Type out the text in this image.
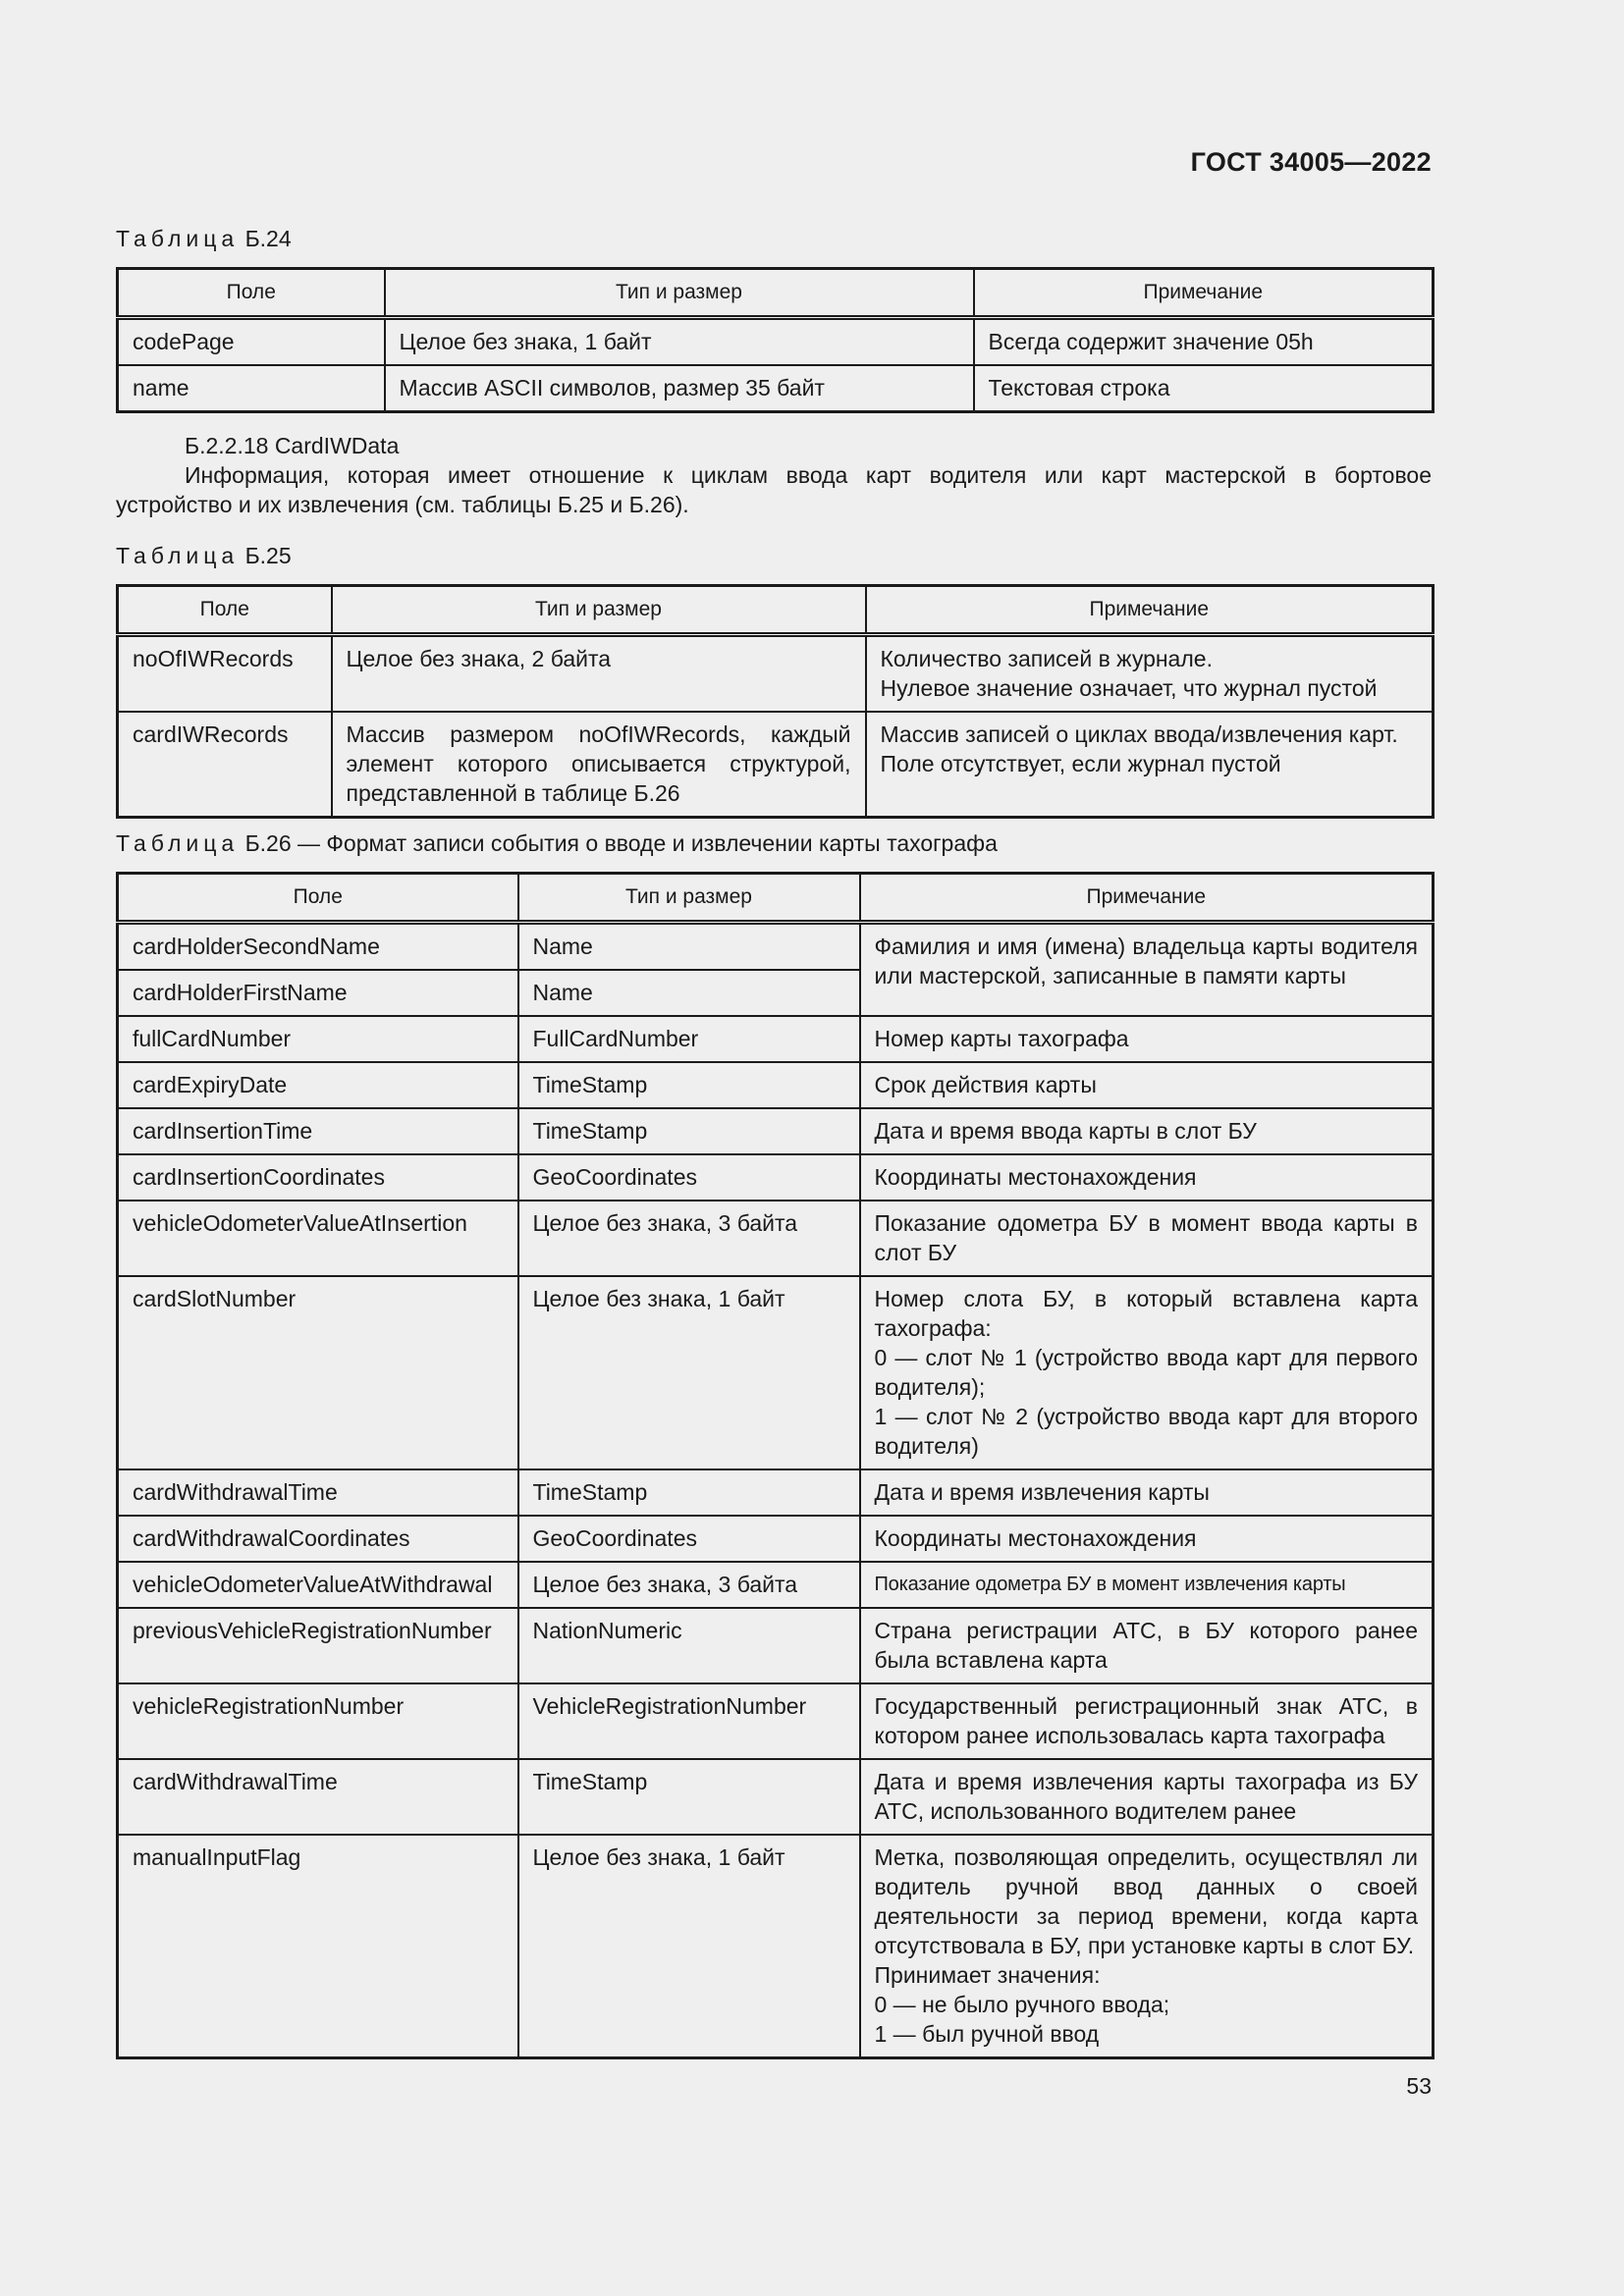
ГОСТ 34005—2022
Таблица Б.24
Поле	Тип и размер	Примечание
codePage	Целое без знака, 1 байт	Всегда содержит значение 05h
name	Массив ASCII символов, размер 35 байт	Текстовая строка
Б.2.2.18 CardIWData
Информация, которая имеет отношение к циклам ввода карт водителя или карт мастерской в бортовое
устройство и их извлечения (см. таблицы Б.25 и Б.26).
Таблица Б.25
Поле	Тип и размер	Примечание
noOfIWRecords	Целое без знака, 2 байта	Количество записей в журнале.
Нулевое значение означает, что журнал пустой

cardIWRecords	Массив размером noOfIWRecords, каждый элемент которого описывается структурой, представленной в таблице Б.26	Массив записей о циклах ввода/извлечения карт.
Поле отсутствует, если журнал пустой
Таблица Б.26 — Формат записи события о вводе и извлечении карты тахографа
Поле	Тип и размер	Примечание
cardHolderSecondName	Name	Фамилия и имя (имена) владельца карты водителя или мастерской, записанные в памяти карты
cardHolderFirstName	Name	
fullCardNumber	FullCardNumber	Номер карты тахографа
cardExpiryDate	TimeStamp	Срок действия карты
cardInsertionTime	TimeStamp	Дата и время ввода карты в слот БУ
cardInsertionCoordinates	GeoCoordinates	Координаты местонахождения
vehicleOdometerValueAtInsertion	Целое без знака, 3 байта	Показание одометра БУ в момент ввода карты в слот БУ
cardSlotNumber	Целое без знака, 1 байт	Номер слота БУ, в который вставлена карта тахографа:
0 — слот № 1 (устройство ввода карт для первого водителя);
1 — слот № 2 (устройство ввода карт для второго водителя)

cardWithdrawalTime	TimeStamp	Дата и время извлечения карты
cardWithdrawalCoordinates	GeoCoordinates	Координаты местонахождения
vehicleOdometerValueAtWithdrawal	Целое без знака, 3 байта	Показание одометра БУ в момент извлечения карты
previousVehicleRegistrationNumber	NationNumeric	Страна регистрации АТС, в БУ которого ранее была вставлена карта
vehicleRegistrationNumber	VehicleRegistrationNumber	Государственный регистрационный знак АТС, в котором ранее использовалась карта тахографа
cardWithdrawalTime	TimeStamp	Дата и время извлечения карты тахографа из БУ АТС, использованного водителем ранее
manualInputFlag	Целое без знака, 1 байт	Метка, позволяющая определить, осуществлял ли водитель ручной ввод данных о своей деятельности за период времени, когда карта отсутствовала в БУ, при установке карты в слот БУ.
Принимает значения:
0 — не было ручного ввода;
1 — был ручной ввод
53
